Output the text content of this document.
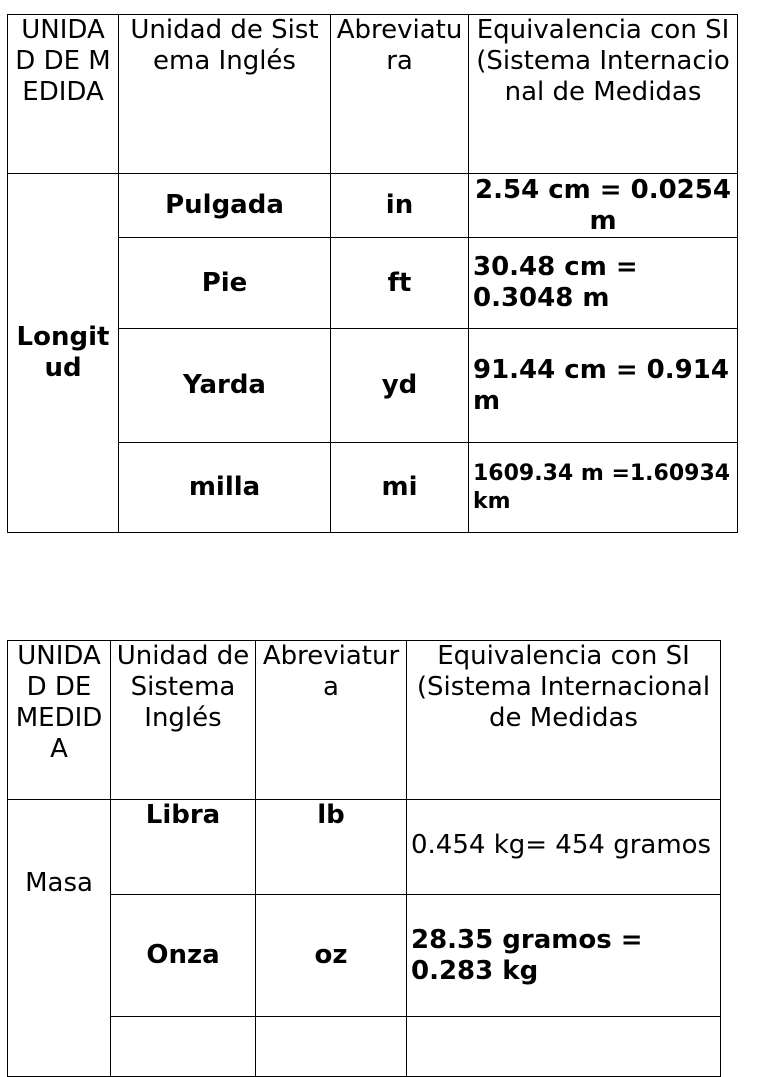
UNIDAD DE MEDIDA	Unidad de Sistema Inglés	Abreviatura	Equivalencia con SI (Sistema Internacional de Medidas
Longitud	Pulgada	in	2.54 cm = 0.0254 m
	Pie	ft	30.48 cm = 0.3048 m
	Yarda	yd	91.44 cm = 0.914 m
	milla	mi	1609.34 m =1.60934 km
UNIDAD DE MEDIDA	Unidad de Sistema Inglés	Abreviatura	Equivalencia con SI (Sistema Internacional de Medidas
Masa	Libra	lb	0.454 kg= 454 gramos
	Onza	oz	28.35 gramos = 0.283 kg
